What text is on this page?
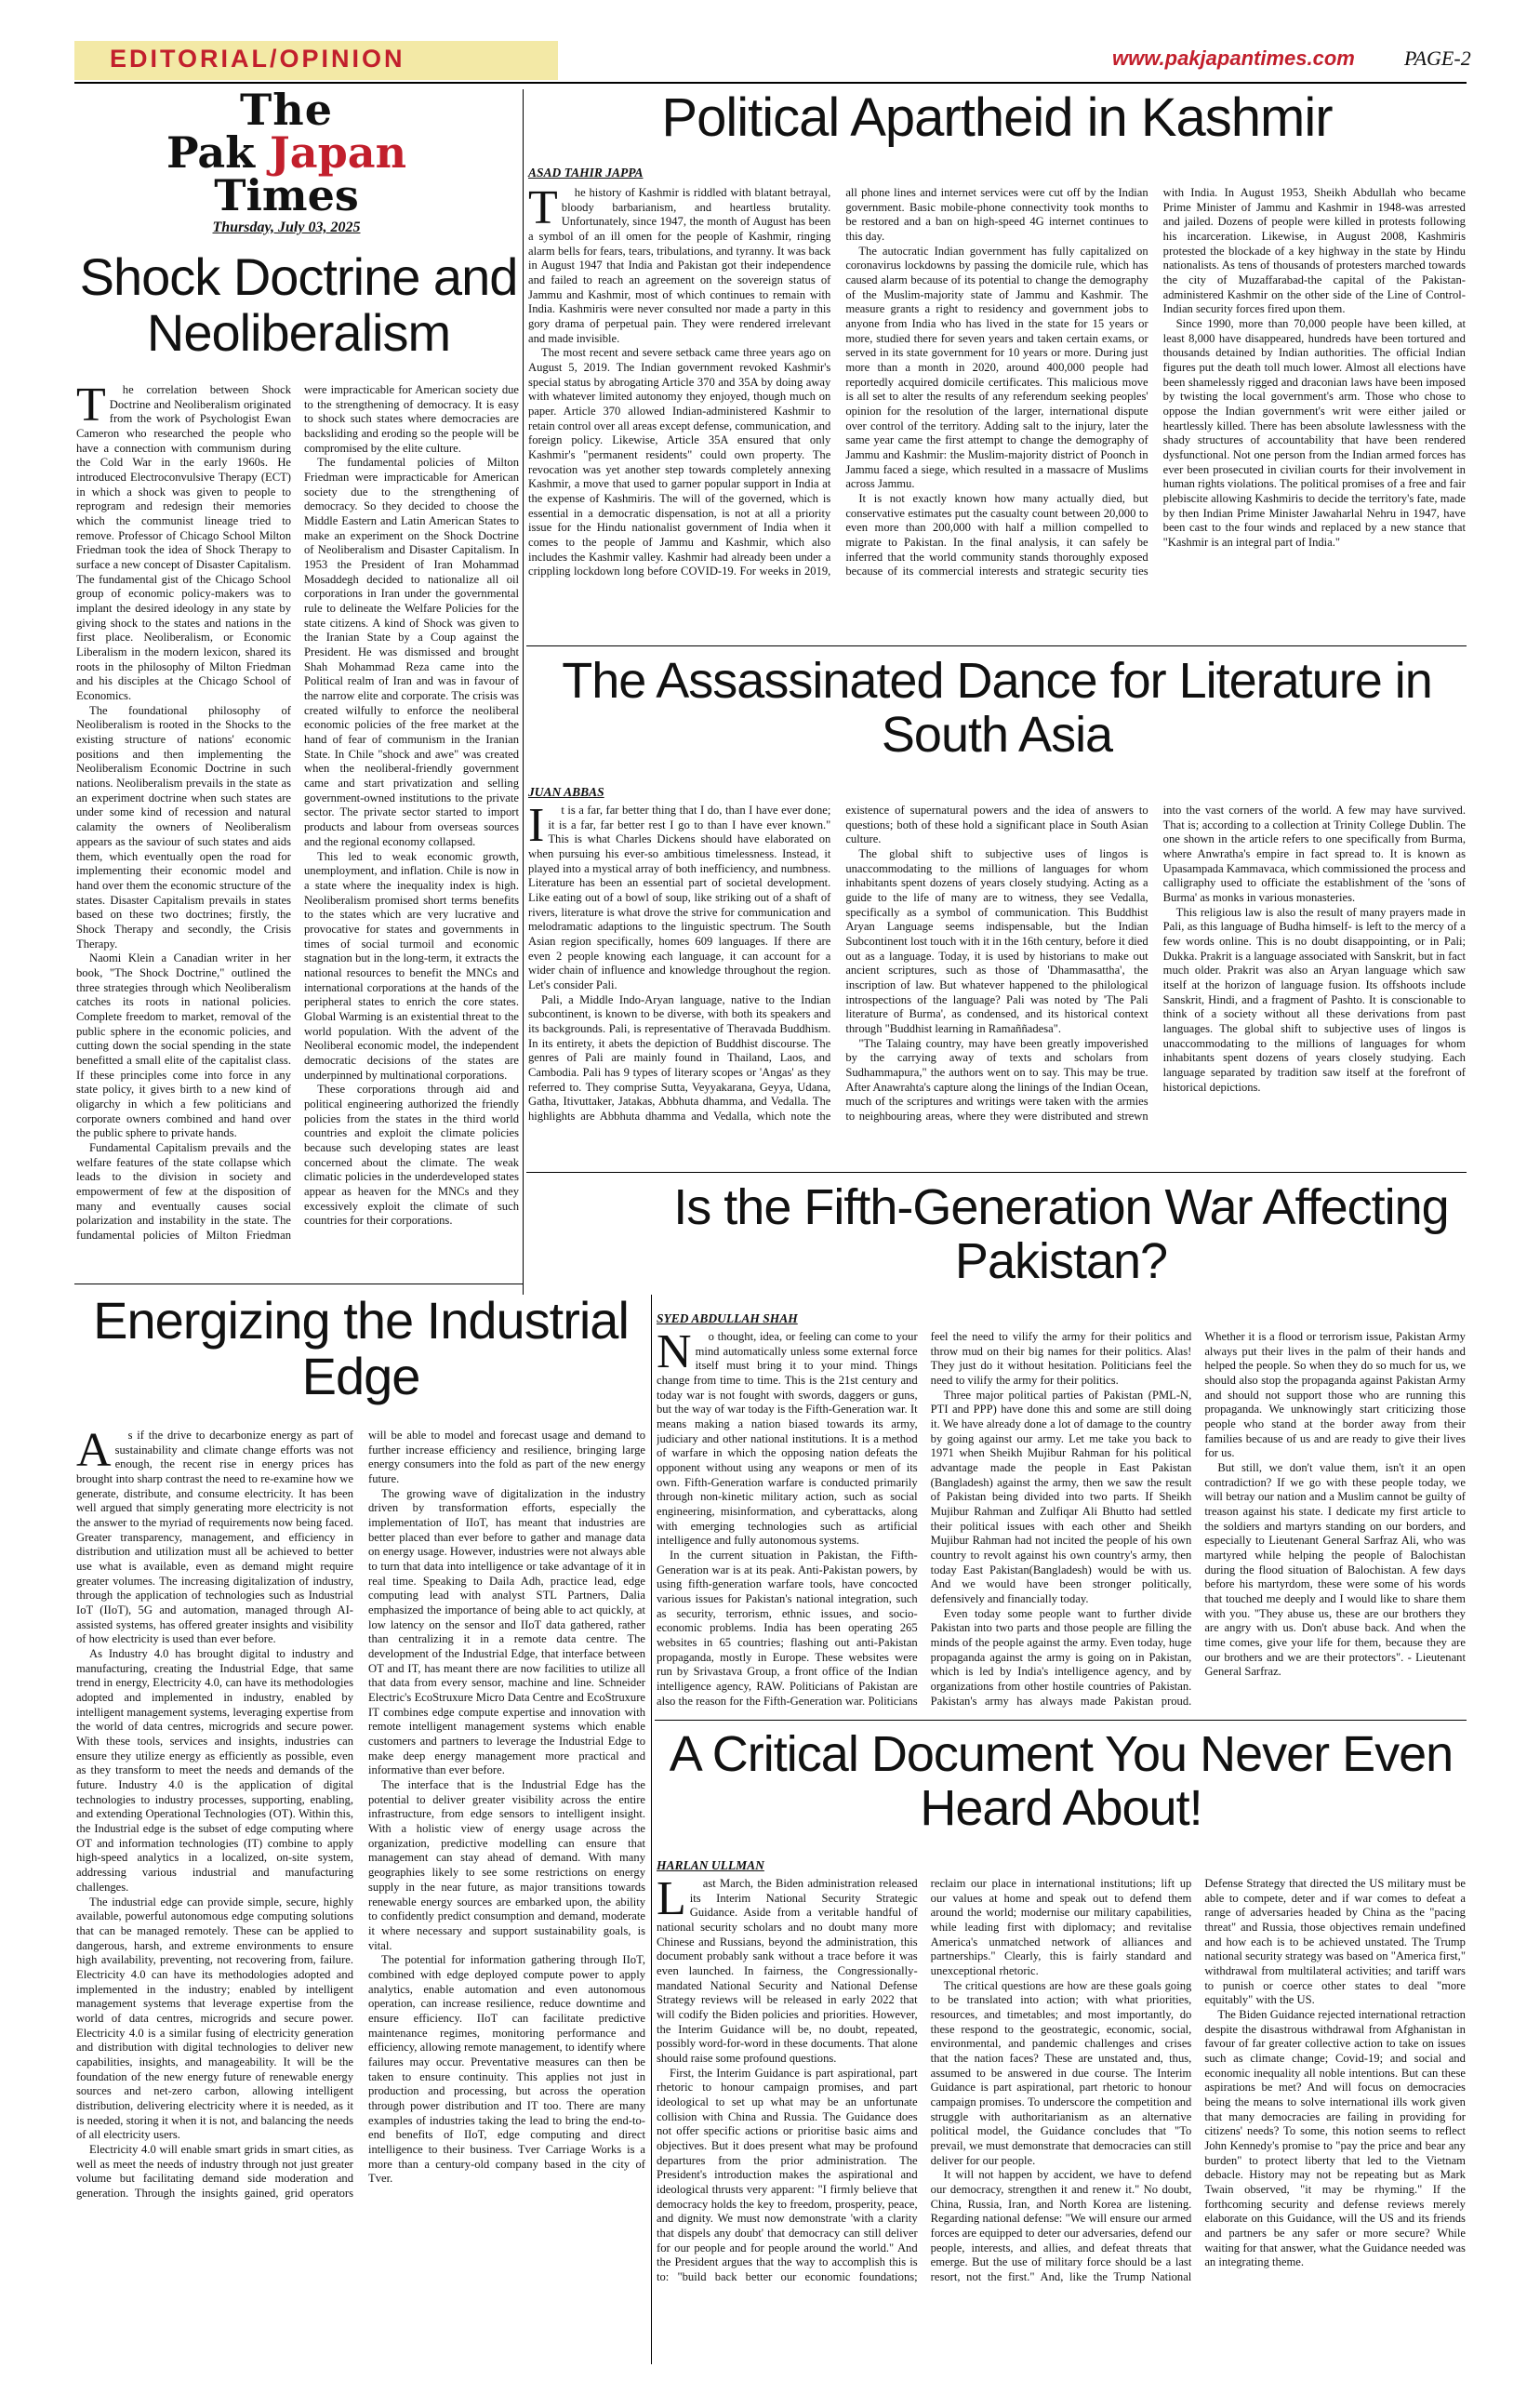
EDITORIAL/OPINION	www.pakjapantimes.com PAGE-2
The
Pak Japan
Times
Thursday, July 03, 2025
Shock Doctrine and Neoliberalism
T	he correlation between Shock Doctrine and Neoliberalism originated from the work of Psychologist Ewan Cameron who researched the people who have a connection with communism during the Cold War in the early 1960s. He introduced Electroconvulsive Therapy (ECT) in which a shock was given to people to reprogram and redesign their memories which the communist lineage tried to remove. Professor of Chicago School Milton Friedman took the idea of Shock Therapy to surface a new concept of Disaster Capitalism. The fundamental gist of the Chicago School group of economic policy-makers was to implant the desired ideology in any state by giving shock to the states and nations in the first place. Neoliberalism, or Economic Liberalism in the modern lexicon, shared its roots in the philosophy of Milton Friedman and his disciples at the Chicago School of Economics.

The foundational philosophy of Neoliberalism is rooted in the Shocks to the existing structure of nations' economic positions and then implementing the Neoliberalism Economic Doctrine in such nations. Neoliberalism prevails in the state as an experiment doctrine when such states are under some kind of recession and natural calamity the owners of Neoliberalism appears as the saviour of such states and aids them, which eventually open the road for implementing their economic model and hand over them the economic structure of the states. Disaster Capitalism prevails in states based on these two doctrines; firstly, the Shock Therapy and secondly, the Crisis Therapy.

Naomi Klein a Canadian writer in her book, "The Shock Doctrine," outlined the three strategies through which Neoliberalism catches its roots in national policies. Complete freedom to market, removal of the public sphere in the economic policies, and cutting down the social spending in the state benefitted a small elite of the capitalist class. If these principles come into force in any state policy, it gives birth to a new kind of oligarchy in which a few politicians and corporate owners combined and hand over the public sphere to private hands.

Fundamental Capitalism prevails and the welfare features of the state collapse which leads to the division in society and empowerment of few at the disposition of many and eventually causes social polarization and instability in the state. The fundamental policies of Milton Friedman were impracticable for American society due to the strengthening of democracy. It is easy to shock such states where democracies are backsliding and eroding so the people will be compromised by the elite culture.

The fundamental policies of Milton Friedman were impracticable for American society due to the strengthening of democracy. So they decided to choose the Middle Eastern and Latin American States to make an experiment on the Shock Doctrine of Neoliberalism and Disaster Capitalism. In 1953 the President of Iran Mohammad Mosaddegh decided to nationalize all oil corporations in Iran under the governmental rule to delineate the Welfare Policies for the state citizens. A kind of Shock was given to the Iranian State by a Coup against the President. He was dismissed and brought Shah Mohammad Reza came into the Political realm of Iran and was in favour of the narrow elite and corporate. The crisis was created wilfully to enforce the neoliberal economic policies of the free market at the hand of fear of communism in the Iranian State. In Chile "shock and awe" was created when the neoliberal-friendly government came and start privatization and selling government-owned institutions to the private sector. The private sector started to import products and labour from overseas sources and the regional economy collapsed.

This led to weak economic growth, unemployment, and inflation. Chile is now in a state where the inequality index is high. Neoliberalism promised short terms benefits to the states which are very lucrative and provocative for states and governments in times of social turmoil and economic stagnation but in the long-term, it extracts the national resources to benefit the MNCs and international corporations at the hands of the peripheral states to enrich the core states. Global Warming is an existential threat to the world population. With the advent of the Neoliberal economic model, the independent democratic decisions of the states are underpinned by multinational corporations.

These corporations through aid and political engineering authorized the friendly policies from the states in the third world countries and exploit the climate policies because such developing states are least concerned about the climate. The weak climatic policies in the underdeveloped states appear as heaven for the MNCs and they excessively exploit the climate of such countries for their corporations.

Political Apartheid in Kashmir
ASAD TAHIR JAPPA
T	he history of Kashmir is riddled with blatant betrayal, bloody barbarianism, and heartless brutality. Unfortunately, since 1947, the month of August has been a symbol of an ill omen for the people of Kashmir, ringing alarm bells for fears, tears, tribulations, and tyranny. It was back in August 1947 that India and Pakistan got their independence and failed to reach an agreement on the sovereign status of Jammu and Kashmir, most of which continues to remain with India. Kashmiris were never consulted nor made a party in this gory drama of perpetual pain. They were rendered irrelevant and made invisible.

The most recent and severe setback came three years ago on August 5, 2019. The Indian government revoked Kashmir's special status by abrogating Article 370 and 35A by doing away with whatever limited autonomy they enjoyed, though much on paper. Article 370 allowed Indian-administered Kashmir to retain control over all areas except defense, communication, and foreign policy. Likewise, Article 35A ensured that only Kashmir's "permanent residents" could own property. The revocation was yet another step towards completely annexing Kashmir, a move that used to garner popular support in India at the expense of Kashmiris. The will of the governed, which is essential in a democratic dispensation, is not at all a priority issue for the Hindu nationalist government of India when it comes to the people of Jammu and Kashmir, which also includes the Kashmir valley. Kashmir had already been under a crippling lockdown long before COVID-19. For weeks in 2019, all phone lines and internet services were cut off by the Indian government. Basic mobile-phone connectivity took months to be restored and a ban on high-speed 4G internet continues to this day.

The autocratic Indian government has fully capitalized on coronavirus lockdowns by passing the domicile rule, which has caused alarm because of its potential to change the demography of the Muslim-majority state of Jammu and Kashmir. The measure grants a right to residency and government jobs to anyone from India who has lived in the state for 15 years or more, studied there for seven years and taken certain exams, or served in its state government for 10 years or more. During just more than a month in 2020, around 400,000 people had reportedly acquired domicile certificates. This malicious move is all set to alter the results of any referendum seeking peoples' opinion for the resolution of the larger, international dispute over control of the territory. Adding salt to the injury, later the same year came the first attempt to change the demography of Jammu and Kashmir: the Muslim-majority district of Poonch in Jammu faced a siege, which resulted in a massacre of Muslims across Jammu.

It is not exactly known how many actually died, but conservative estimates put the casualty count between 20,000 to even more than 200,000 with half a million compelled to migrate to Pakistan. In the final analysis, it can safely be inferred that the world community stands thoroughly exposed because of its commercial interests and strategic security ties with India. In August 1953, Sheikh Abdullah who became Prime Minister of Jammu and Kashmir in 1948-was arrested and jailed. Dozens of people were killed in protests following his incarceration. Likewise, in August 2008, Kashmiris protested the blockade of a key highway in the state by Hindu nationalists. As tens of thousands of protesters marched towards the city of Muzaffarabad-the capital of the Pakistan-administered Kashmir on the other side of the Line of Control-Indian security forces fired upon them.

Since 1990, more than 70,000 people have been killed, at least 8,000 have disappeared, hundreds have been tortured and thousands detained by Indian authorities. The official Indian figures put the death toll much lower. Almost all elections have been shamelessly rigged and draconian laws have been imposed by twisting the local government's arm. Those who chose to oppose the Indian government's writ were either jailed or heartlessly killed. There has been absolute lawlessness with the shady structures of accountability that have been rendered dysfunctional. Not one person from the Indian armed forces has ever been prosecuted in civilian courts for their involvement in human rights violations. The political promises of a free and fair plebiscite allowing Kashmiris to decide the territory's fate, made by then Indian Prime Minister Jawaharlal Nehru in 1947, have been cast to the four winds and replaced by a new stance that "Kashmir is an integral part of India."

The Assassinated Dance for Literature in South Asia
JUAN ABBAS
I	t is a far, far better thing that I do, than I have ever done; it is a far, far better rest I go to than I have ever known." This is what Charles Dickens should have elaborated on when pursuing his ever-so ambitious timelessness. Instead, it played into a mystical array of both inefficiency, and numbness. Literature has been an essential part of societal development. Like eating out of a bowl of soup, like striking out of a shaft of rivers, literature is what drove the strive for communication and melodramatic adaptions to the linguistic spectrum. The South Asian region specifically, homes 609 languages. If there are even 2 people knowing each language, it can account for a wider chain of influence and knowledge throughout the region. Let's consider Pali.

Pali, a Middle Indo-Aryan language, native to the Indian subcontinent, is known to be diverse, with both its speakers and its backgrounds. Pali, is representative of Theravada Buddhism. In its entirety, it abets the depiction of Buddhist discourse. The genres of Pali are mainly found in Thailand, Laos, and Cambodia. Pali has 9 types of literary scopes or 'Angas' as they referred to. They comprise Sutta, Veyyakarana, Geyya, Udana, Gatha, Itivuttaker, Jatakas, Abbhuta dhamma, and Vedalla. The highlights are Abbhuta dhamma and Vedalla, which note the existence of supernatural powers and the idea of answers to questions; both of these hold a significant place in South Asian culture.

The global shift to subjective uses of lingos is unaccommodating to the millions of languages for whom inhabitants spent dozens of years closely studying. Acting as a guide to the life of many are to witness, they see Vedalla, specifically as a symbol of communication. This Buddhist Aryan Language seems indispensable, but the Indian Subcontinent lost touch with it in the 16th century, before it died out as a language. Today, it is used by historians to make out ancient scriptures, such as those of 'Dhammasattha', the inscription of law. But whatever happened to the philological introspections of the language? Pali was noted by 'The Pali literature of Burma', as condensed, and its historical context through "Buddhist learning in Ramaññadesa".

"The Talaing country, may have been greatly impoverished by the carrying away of texts and scholars from Sudhammapura," the authors went on to say. This may be true. After Anawrahta's capture along the linings of the Indian Ocean, much of the scriptures and writings were taken with the armies to neighbouring areas, where they were distributed and strewn into the vast corners of the world. A few may have survived. That is; according to a collection at Trinity College Dublin. The one shown in the article refers to one specifically from Burma, where Anwratha's empire in fact spread to. It is known as Upasampada Kammavaca, which commissioned the process and calligraphy used to officiate the establishment of the 'sons of Burma' as monks in various monasteries.

This religious law is also the result of many prayers made in Pali, as this language of Budha himself- is left to the mercy of a few words online. This is no doubt disappointing, or in Pali; Dukka. Prakrit is a language associated with Sanskrit, but in fact much older. Prakrit was also an Aryan language which saw itself at the horizon of language fusion. Its offshoots include Sanskrit, Hindi, and a fragment of Pashto. It is conscionable to think of a society without all these derivations from past languages. The global shift to subjective uses of lingos is unaccommodating to the millions of languages for whom inhabitants spent dozens of years closely studying. Each language separated by tradition saw itself at the forefront of historical depictions.

Energizing the Industrial Edge
A	s if the drive to decarbonize energy as part of sustainability and climate change efforts was not enough, the recent rise in energy prices has brought into sharp contrast the need to re-examine how we generate, distribute, and consume electricity. It has been well argued that simply generating more electricity is not the answer to the myriad of requirements now being faced. Greater transparency, management, and efficiency in distribution and utilization must all be achieved to better use what is available, even as demand might require greater volumes. The increasing digitalization of industry, through the application of technologies such as Industrial IoT (IIoT), 5G and automation, managed through AI-assisted systems, has offered greater insights and visibility of how electricity is used than ever before.

As Industry 4.0 has brought digital to industry and manufacturing, creating the Industrial Edge, that same trend in energy, Electricity 4.0, can have its methodologies adopted and implemented in industry, enabled by intelligent management systems, leveraging expertise from the world of data centres, microgrids and secure power. With these tools, services and insights, industries can ensure they utilize energy as efficiently as possible, even as they transform to meet the needs and demands of the future. Industry 4.0 is the application of digital technologies to industry processes, supporting, enabling, and extending Operational Technologies (OT). Within this, the Industrial edge is the subset of edge computing where OT and information technologies (IT) combine to apply high-speed analytics in a localized, on-site system, addressing various industrial and manufacturing challenges.

The industrial edge can provide simple, secure, highly available, powerful autonomous edge computing solutions that can be managed remotely. These can be applied to dangerous, harsh, and extreme environments to ensure high availability, preventing, not recovering from, failure. Electricity 4.0 can have its methodologies adopted and implemented in the industry; enabled by intelligent management systems that leverage expertise from the world of data centres, microgrids and secure power. Electricity 4.0 is a similar fusing of electricity generation and distribution with digital technologies to deliver new capabilities, insights, and manageability. It will be the foundation of the new energy future of renewable energy sources and net-zero carbon, allowing intelligent distribution, delivering electricity where it is needed, as it is needed, storing it when it is not, and balancing the needs of all electricity users.

Electricity 4.0 will enable smart grids in smart cities, as well as meet the needs of industry through not just greater volume but facilitating demand side moderation and generation. Through the insights gained, grid operators will be able to model and forecast usage and demand to further increase efficiency and resilience, bringing large energy consumers into the fold as part of the new energy future.

The growing wave of digitalization in the industry driven by transformation efforts, especially the implementation of IIoT, has meant that industries are better placed than ever before to gather and manage data on energy usage. However, industries were not always able to turn that data into intelligence or take advantage of it in real time. Speaking to Daila Adh, practice lead, edge computing lead with analyst STL Partners, Dalia emphasized the importance of being able to act quickly, at low latency on the sensor and IIoT data gathered, rather than centralizing it in a remote data centre. The development of the Industrial Edge, that interface between OT and IT, has meant there are now facilities to utilize all that data from every sensor, machine and line. Schneider Electric's EcoStruxure Micro Data Centre and EcoStruxure IT combines edge compute expertise and innovation with remote intelligent management systems which enable customers and partners to leverage the Industrial Edge to make deep energy management more practical and informative than ever before.

The interface that is the Industrial Edge has the potential to deliver greater visibility across the entire infrastructure, from edge sensors to intelligent insight. With a holistic view of energy usage across the organization, predictive modelling can ensure that management can stay ahead of demand. With many geographies likely to see some restrictions on energy supply in the near future, as major transitions towards renewable energy sources are embarked upon, the ability to confidently predict consumption and demand, moderate it where necessary and support sustainability goals, is vital.

The potential for information gathering through IIoT, combined with edge deployed compute power to apply analytics, enable automation and even autonomous operation, can increase resilience, reduce downtime and ensure efficiency. IIoT can facilitate predictive maintenance regimes, monitoring performance and efficiency, allowing remote management, to identify where failures may occur. Preventative measures can then be taken to ensure continuity. This applies not just in production and processing, but across the operation through power distribution and IT too. There are many examples of industries taking the lead to bring the end-to-end benefits of IIoT, edge computing and direct intelligence to their business. Tver Carriage Works is a more than a century-old company based in the city of Tver.

Is the Fifth-Generation War Affecting Pakistan?
SYED ABDULLAH SHAH
N	o thought, idea, or feeling can come to your mind automatically unless some external force itself must bring it to your mind. Things change from time to time. This is the 21st century and today war is not fought with swords, daggers or guns, but the way of war today is the Fifth-Generation war. It means making a nation biased towards its army, judiciary and other national institutions. It is a method of warfare in which the opposing nation defeats the opponent without using any weapons or men of its own. Fifth-Generation warfare is conducted primarily through non-kinetic military action, such as social engineering, misinformation, and cyberattacks, along with emerging technologies such as artificial intelligence and fully autonomous systems.

In the current situation in Pakistan, the Fifth-Generation war is at its peak. Anti-Pakistan powers, by using fifth-generation warfare tools, have concocted various issues for Pakistan's national integration, such as security, terrorism, ethnic issues, and socio-economic problems. India has been operating 265 websites in 65 countries; flashing out anti-Pakistan propaganda, mostly in Europe. These websites were run by Srivastava Group, a front office of the Indian intelligence agency, RAW. Politicians of Pakistan are also the reason for the Fifth-Generation war. Politicians feel the need to vilify the army for their politics and throw mud on their big names for their politics. Alas! They just do it without hesitation. Politicians feel the need to vilify the army for their politics.

Three major political parties of Pakistan (PML-N, PTI and PPP) have done this and some are still doing it. We have already done a lot of damage to the country by going against our army. Let me take you back to 1971 when Sheikh Mujibur Rahman for his political advantage made the people in East Pakistan (Bangladesh) against the army, then we saw the result of Pakistan being divided into two parts. If Sheikh Mujibur Rahman and Zulfiqar Ali Bhutto had settled their political issues with each other and Sheikh Mujibur Rahman had not incited the people of his own country to revolt against his own country's army, then today East Pakistan(Bangladesh) would be with us. And we would have been stronger politically, defensively and financially today.

Even today some people want to further divide Pakistan into two parts and those people are filling the minds of the people against the army. Even today, huge propaganda against the army is going on in Pakistan, which is led by India's intelligence agency, and by organizations from other hostile countries of Pakistan. Pakistan's army has always made Pakistan proud. Whether it is a flood or terrorism issue, Pakistan Army always put their lives in the palm of their hands and helped the people. So when they do so much for us, we should also stop the propaganda against Pakistan Army and should not support those who are running this propaganda. We unknowingly start criticizing those people who stand at the border away from their families because of us and are ready to give their lives for us.

But still, we don't value them, isn't it an open contradiction? If we go with these people today, we will betray our nation and a Muslim cannot be guilty of treason against his state. I dedicate my first article to the soldiers and martyrs standing on our borders, and especially to Lieutenant General Sarfraz Ali, who was martyred while helping the people of Balochistan during the flood situation of Balochistan. A few days before his martyrdom, these were some of his words that touched me deeply and I would like to share them with you. "They abuse us, these are our brothers they are angry with us. Don't abuse back. And when the time comes, give your life for them, because they are our brothers and we are their protectors". - Lieutenant General Sarfraz.

A Critical Document You Never Even Heard About!
HARLAN ULLMAN
L	ast March, the Biden administration released its Interim National Security Strategic Guidance. Aside from a veritable handful of national security scholars and no doubt many more Chinese and Russians, beyond the administration, this document probably sank without a trace before it was even launched. In fairness, the Congressionally-mandated National Security and National Defense Strategy reviews will be released in early 2022 that will codify the Biden policies and priorities. However, the Interim Guidance will be, no doubt, repeated, possibly word-for-word in these documents. That alone should raise some profound questions.

First, the Interim Guidance is part aspirational, part rhetoric to honour campaign promises, and part ideological to set up what may be an unfortunate collision with China and Russia. The Guidance does not offer specific actions or prioritise basic aims and objectives. But it does present what may be profound departures from the prior administration. The President's introduction makes the aspirational and ideological thrusts very apparent: "I firmly believe that democracy holds the key to freedom, prosperity, peace, and dignity. We must now demonstrate 'with a clarity that dispels any doubt' that democracy can still deliver for our people and for people around the world." And the President argues that the way to accomplish this is to: "build back better our economic foundations; reclaim our place in international institutions; lift up our values at home and speak out to defend them around the world; modernise our military capabilities, while leading first with diplomacy; and revitalise America's unmatched network of alliances and partnerships." Clearly, this is fairly standard and unexceptional rhetoric.

The critical questions are how are these goals going to be translated into action; with what priorities, resources, and timetables; and most importantly, do these respond to the geostrategic, economic, social, environmental, and pandemic challenges and crises that the nation faces? These are unstated and, thus, assumed to be answered in due course. The Interim Guidance is part aspirational, part rhetoric to honour campaign promises. To underscore the competition and struggle with authoritarianism as an alternative political model, the Guidance concludes that "To prevail, we must demonstrate that democracies can still deliver for our people.

It will not happen by accident, we have to defend our democracy, strengthen it and renew it." No doubt, China, Russia, Iran, and North Korea are listening. Regarding national defense: "We will ensure our armed forces are equipped to deter our adversaries, defend our people, interests, and allies, and defeat threats that emerge. But the use of military force should be a last resort, not the first." And, like the Trump National Defense Strategy that directed the US military must be able to compete, deter and if war comes to defeat a range of adversaries headed by China as the "pacing threat" and Russia, those objectives remain undefined and how each is to be achieved unstated. The Trump national security strategy was based on "America first," withdrawal from multilateral activities; and tariff wars to punish or coerce other states to deal "more equitably" with the US.

The Biden Guidance rejected international retraction despite the disastrous withdrawal from Afghanistan in favour of far greater collective action to take on issues such as climate change; Covid-19; and social and economic inequality all noble intentions. But can these aspirations be met? And will focus on democracies being the means to solve international ills work given that many democracies are failing in providing for citizens' needs? To some, this notion seems to reflect John Kennedy's promise to "pay the price and bear any burden" to protect liberty that led to the Vietnam debacle. History may not be repeating but as Mark Twain observed, "it may be rhyming." If the forthcoming security and defense reviews merely elaborate on this Guidance, will the US and its friends and partners be any safer or more secure? While waiting for that answer, what the Guidance needed was an integrating theme.
